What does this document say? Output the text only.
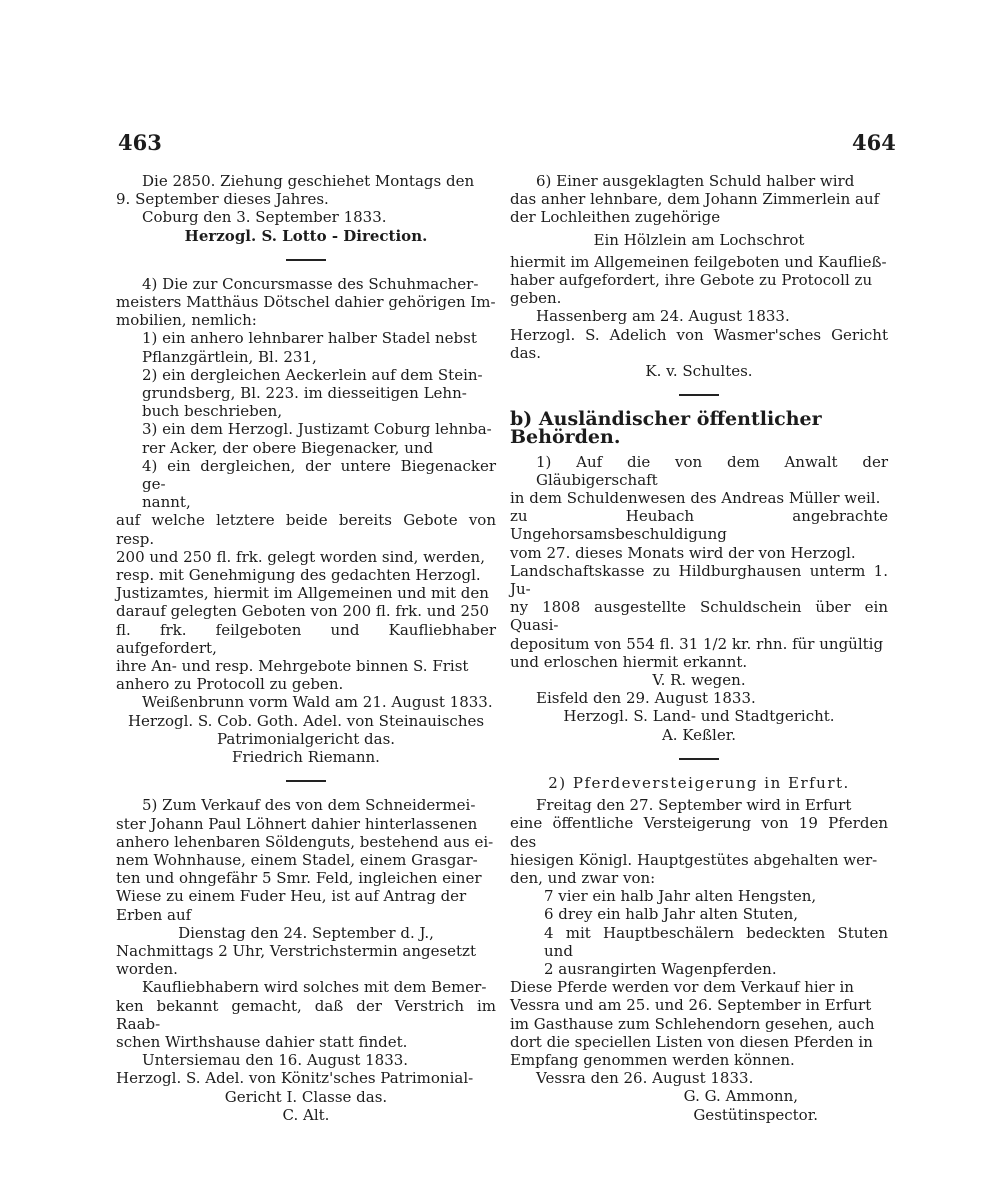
463	464
Die 2850. Ziehung geschiehet Montags den
9. September dieses Jahres.
Coburg den 3. September 1833.
Herzogl. S. Lotto - Direction.
4) Die zur Concursmasse des Schuhmacher-
meisters Matthäus Dötschel dahier gehörigen Im-
mobilien, nemlich:
1) ein anhero lehnbarer halber Stadel nebst
Pflanzgärtlein, Bl. 231,
2) ein dergleichen Aeckerlein auf dem Stein-
grundsberg, Bl. 223. im diesseitigen Lehn-
buch beschrieben,
3) ein dem Herzogl. Justizamt Coburg lehnba-
rer Acker, der obere Biegenacker, und
4) ein dergleichen, der untere Biegenacker ge-
nannt,
auf welche letztere beide bereits Gebote von resp.
200 und 250 fl. frk. gelegt worden sind, werden,
resp. mit Genehmigung des gedachten Herzogl.
Justizamtes, hiermit im Allgemeinen und mit den
darauf gelegten Geboten von 200 fl. frk. und 250
fl. frk. feilgeboten und Kaufliebhaber aufgefordert,
ihre An- und resp. Mehrgebote binnen S. Frist
anhero zu Protocoll zu geben.
Weißenbrunn vorm Wald am 21. August 1833.
Herzogl. S. Cob. Goth. Adel. von Steinauisches
Patrimonialgericht das.
Friedrich Riemann.
5) Zum Verkauf des von dem Schneidermei-
ster Johann Paul Löhnert dahier hinterlassenen
anhero lehenbaren Söldenguts, bestehend aus ei-
nem Wohnhause, einem Stadel, einem Grasgar-
ten und ohngefähr 5 Smr. Feld, ingleichen einer
Wiese zu einem Fuder Heu, ist auf Antrag der
Erben auf
Dienstag den 24. September d. J.,
Nachmittags 2 Uhr, Verstrichstermin angesetzt
worden.
Kaufliebhabern wird solches mit dem Bemer-
ken bekannt gemacht, daß der Verstrich im Raab-
schen Wirthshause dahier statt findet.
Untersiemau den 16. August 1833.
Herzogl. S. Adel. von Könitz'sches Patrimonial-
Gericht I. Classe das.
C. Alt.
6) Einer ausgeklagten Schuld halber wird
das anher lehnbare, dem Johann Zimmerlein auf
der Lochleithen zugehörige
Ein Hölzlein am Lochschrot
hiermit im Allgemeinen feilgeboten und Kaufließ-
haber aufgefordert, ihre Gebote zu Protocoll zu
geben.
Hassenberg am 24. August 1833.
Herzogl. S. Adelich von Wasmer'sches Gericht das.
K. v. Schultes.
b) Ausländischer öffentlicher Behörden.
1) Auf die von dem Anwalt der Gläubigerschaft
in dem Schuldenwesen des Andreas Müller weil.
zu Heubach angebrachte Ungehorsamsbeschuldigung
vom 27. dieses Monats wird der von Herzogl.
Landschaftskasse zu Hildburghausen unterm 1. Ju-
ny 1808 ausgestellte Schuldschein über ein Quasi-
depositum von 554 fl. 31 1/2 kr. rhn. für ungültig
und erloschen hiermit erkannt.
V. R. wegen.
Eisfeld den 29. August 1833.
Herzogl. S. Land- und Stadtgericht.
A. Keßler.
2) Pferdeversteigerung in Erfurt.
Freitag den 27. September wird in Erfurt
eine öffentliche Versteigerung von 19 Pferden des
hiesigen Königl. Hauptgestütes abgehalten wer-
den, und zwar von:
7 vier ein halb Jahr alten Hengsten,
6 drey ein halb Jahr alten Stuten,
4 mit Hauptbeschälern bedeckten Stuten und
2 ausrangirten Wagenpferden.
Diese Pferde werden vor dem Verkauf hier in
Vessra und am 25. und 26. September in Erfurt
im Gasthause zum Schlehendorn gesehen, auch
dort die speciellen Listen von diesen Pferden in
Empfang genommen werden können.
Vessra den 26. August 1833.
G. G. Ammonn,
Gestütinspector.
